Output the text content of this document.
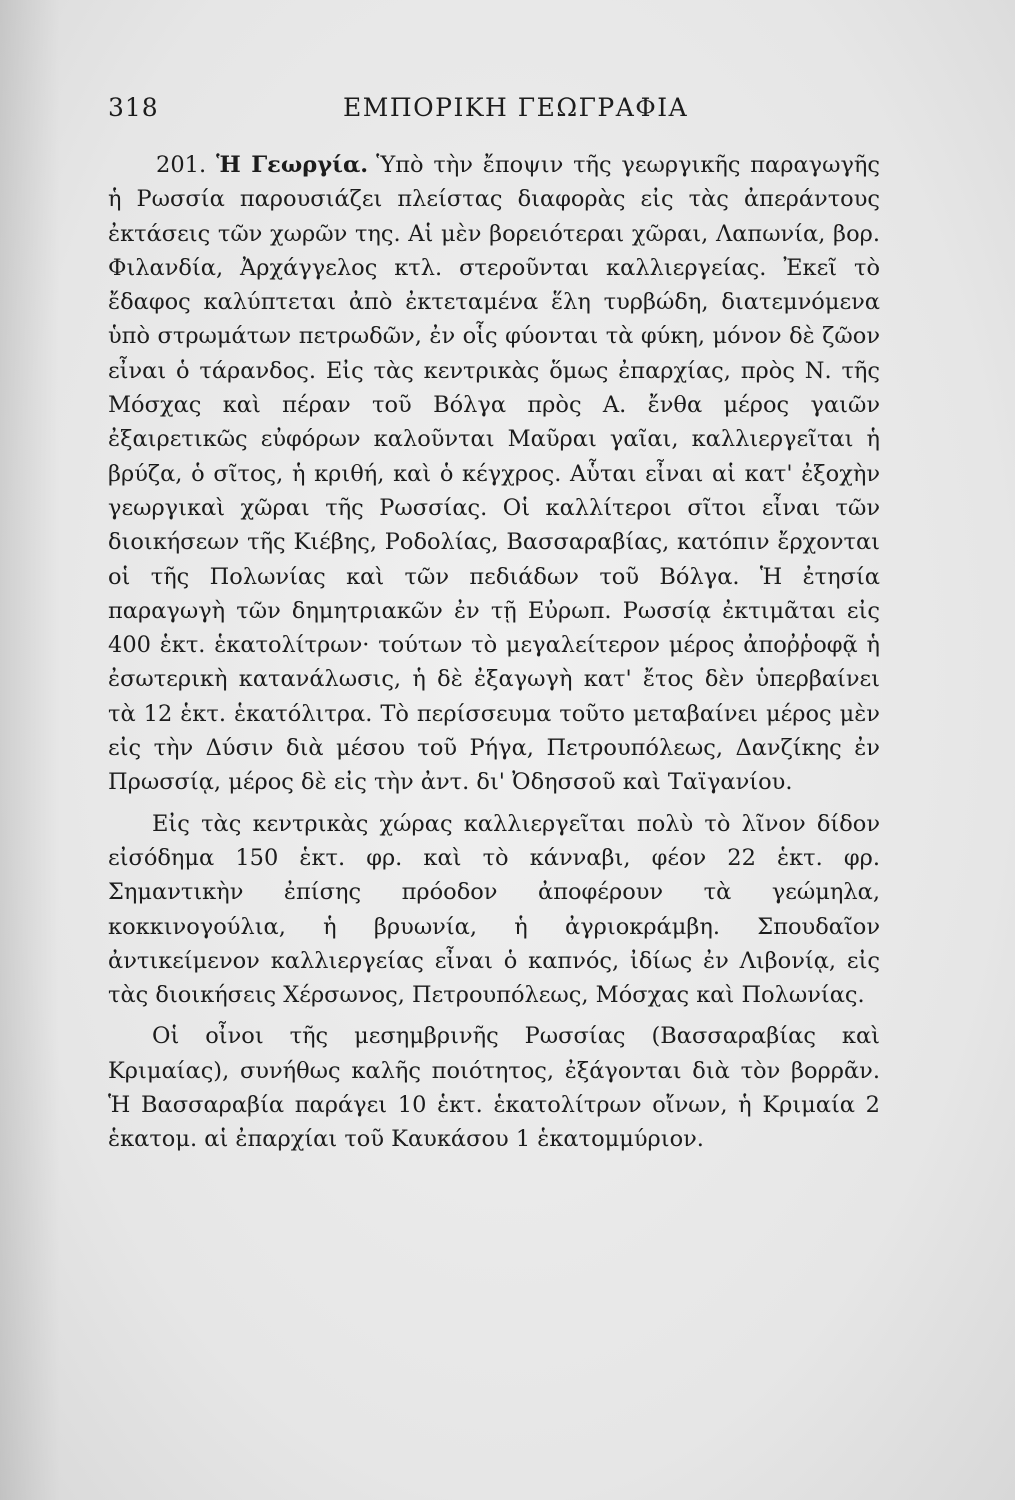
318	ΕΜΠΟΡΙΚΗ ΓΕΩΓΡΑΦΙΑ

201. Ἡ Γεωργία. Ὑπὸ τὴν ἔποψιν τῆς γεωργικῆς παραγωγῆς ἡ Ρωσσία παρουσιάζει πλείστας διαφορὰς εἰς τὰς ἀπεράντους ἐκτάσεις τῶν χωρῶν της. Αἱ μὲν βορειότεραι χῶραι, Λαπωνία, βορ. Φιλανδία, Ἀρχάγγελος κτλ. στεροῦνται καλλιεργείας. Ἐκεῖ τὸ ἔδαφος καλύπτεται ἀπὸ ἐκτεταμένα ἕλη τυρβώδη, διατεμνόμενα ὑπὸ στρωμάτων πετρωδῶν, ἐν οἷς φύονται τὰ φύκη, μόνον δὲ ζῶον εἶναι ὁ τάρανδος. Εἰς τὰς κεντρικὰς ὅμως ἐπαρχίας, πρὸς Ν. τῆς Μόσχας καὶ πέραν τοῦ Βόλγα πρὸς Α. ἔνθα μέρος γαιῶν ἐξαιρετικῶς εὐφόρων καλοῦνται Μαῦραι γαῖαι, καλλιεργεῖται ἡ βρύζα, ὁ σῖτος, ἡ κριθή, καὶ ὁ κέγχρος. Αὗται εἶναι αἱ κατ' ἐξοχὴν γεωργικαὶ χῶραι τῆς Ρωσσίας. Οἱ καλλίτεροι σῖτοι εἶναι τῶν διοικήσεων τῆς Κιέβης, Ροδολίας, Βασσαραβίας, κατόπιν ἔρχονται οἱ τῆς Πολωνίας καὶ τῶν πεδιάδων τοῦ Βόλγα. Ἡ ἐτησία παραγωγὴ τῶν δημητριακῶν ἐν τῇ Εὐρωπ. Ρωσσίᾳ ἐκτιμᾶται εἰς 400 ἑκτ. ἑκατολίτρων· τούτων τὸ μεγαλείτερον μέρος ἀποῤῥοφᾷ ἡ ἐσωτερικὴ κατανάλωσις, ἡ δὲ ἐξαγωγὴ κατ' ἔτος δὲν ὑπερβαίνει τὰ 12 ἑκτ. ἑκατόλιτρα. Τὸ περίσσευμα τοῦτο μεταβαίνει μέρος μὲν εἰς τὴν Δύσιν διὰ μέσου τοῦ Ρήγα, Πετρουπόλεως, Δανζίκης ἐν Πρωσσίᾳ, μέρος δὲ εἰς τὴν ἀντ. δι' Ὀδησσοῦ καὶ Ταϊγανίου.

Εἰς τὰς κεντρικὰς χώρας καλλιεργεῖται πολὺ τὸ λῖνον δίδον εἰσόδημα 150 ἑκτ. φρ. καὶ τὸ κάνναβι, φέον 22 ἑκτ. φρ. Σημαντικὴν ἐπίσης πρόοδον ἀποφέρουν τὰ γεώμηλα, κοκκινογούλια, ἡ βρυωνία, ἡ ἀγριοκράμβη. Σπουδαῖον ἀντικείμενον καλλιεργείας εἶναι ὁ καπνός, ἰδίως ἐν Λιβονίᾳ, εἰς τὰς διοικήσεις Χέρσωνος, Πετρουπόλεως, Μόσχας καὶ Πολωνίας.

Οἱ οἶνοι τῆς μεσημβρινῆς Ρωσσίας (Βασσαραβίας καὶ Κριμαίας), συνήθως καλῆς ποιότητος, ἐξάγονται διὰ τὸν βορρᾶν. Ἡ Βασσαραβία παράγει 10 ἑκτ. ἑκατολίτρων οἴνων, ἡ Κριμαία 2 ἑκατομ. αἱ ἐπαρχίαι τοῦ Καυκάσου 1 ἑκατομμύριον.
